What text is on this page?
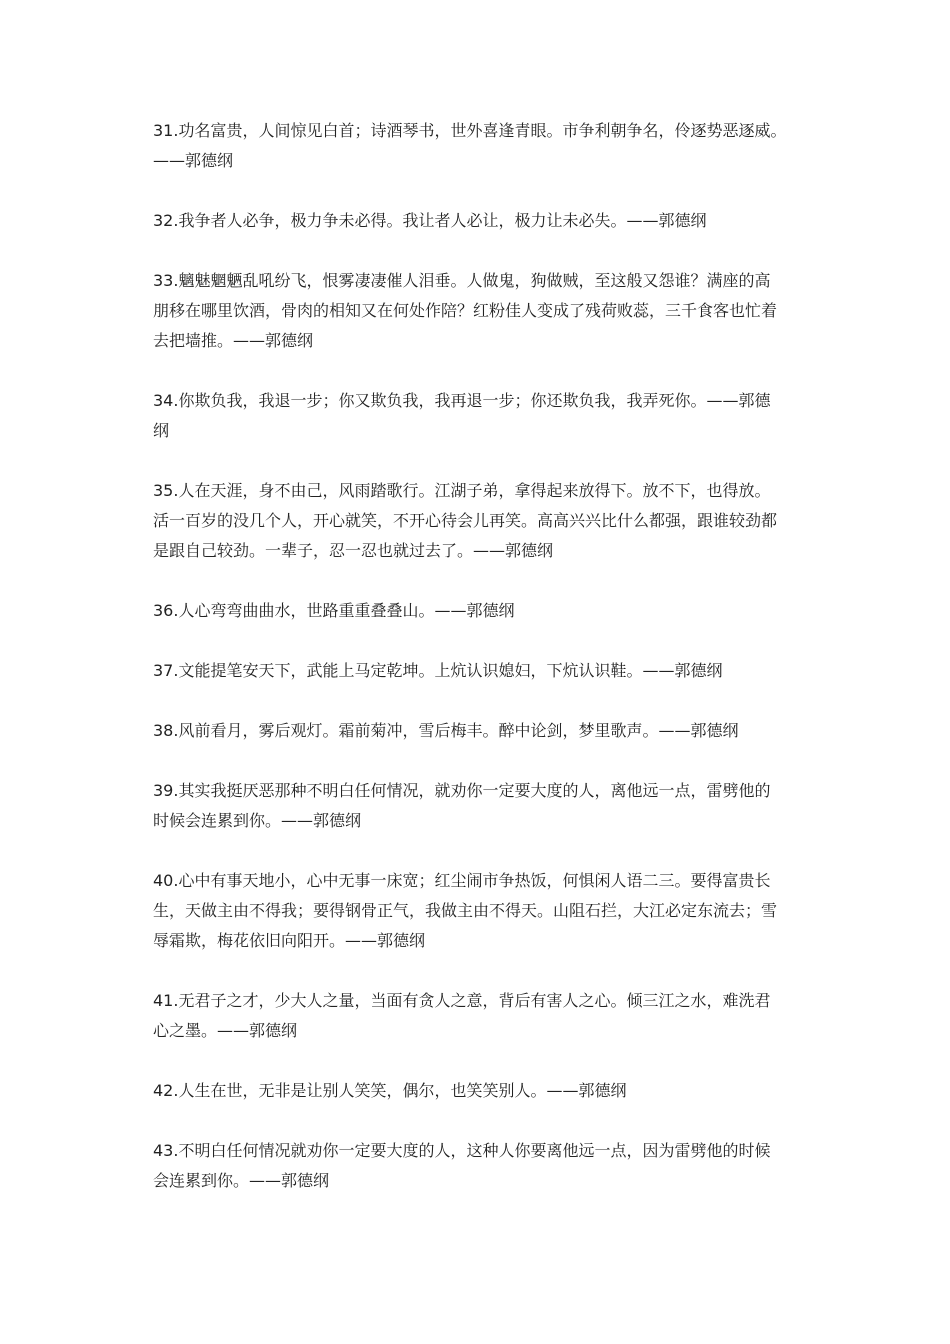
31.功名富贵，人间惊见白首；诗酒琴书，世外喜逢青眼。市争利朝争名，伶逐势恶逐威。——郭德纲

32.我争者人必争，极力争未必得。我让者人必让，极力让未必失。——郭德纲

33.魑魅魍魉乱吼纷飞，恨雾凄凄催人泪垂。人做鬼，狗做贼，至这般又怨谁？满座的高朋移在哪里饮酒，骨肉的相知又在何处作陪？红粉佳人变成了残荷败蕊，三千食客也忙着去把墙推。——郭德纲

34.你欺负我，我退一步；你又欺负我，我再退一步；你还欺负我，我弄死你。——郭德纲

35.人在天涯，身不由己，风雨踏歌行。江湖子弟，拿得起来放得下。放不下，也得放。活一百岁的没几个人，开心就笑，不开心待会儿再笑。高高兴兴比什么都强，跟谁较劲都是跟自己较劲。一辈子，忍一忍也就过去了。——郭德纲

36.人心弯弯曲曲水，世路重重叠叠山。——郭德纲

37.文能提笔安天下，武能上马定乾坤。上炕认识媳妇，下炕认识鞋。——郭德纲

38.风前看月，雾后观灯。霜前菊冲，雪后梅丰。醉中论剑，梦里歌声。——郭德纲

39.其实我挺厌恶那种不明白任何情况，就劝你一定要大度的人，离他远一点，雷劈他的时候会连累到你。——郭德纲

40.心中有事天地小，心中无事一床宽；红尘闹市争热饭，何惧闲人语二三。要得富贵长生，天做主由不得我；要得钢骨正气，我做主由不得天。山阻石拦，大江必定东流去；雪辱霜欺，梅花依旧向阳开。——郭德纲

41.无君子之才，少大人之量，当面有贪人之意，背后有害人之心。倾三江之水，难洗君心之墨。——郭德纲

42.人生在世，无非是让别人笑笑，偶尔，也笑笑别人。——郭德纲

43.不明白任何情况就劝你一定要大度的人，这种人你要离他远一点，因为雷劈他的时候会连累到你。——郭德纲
